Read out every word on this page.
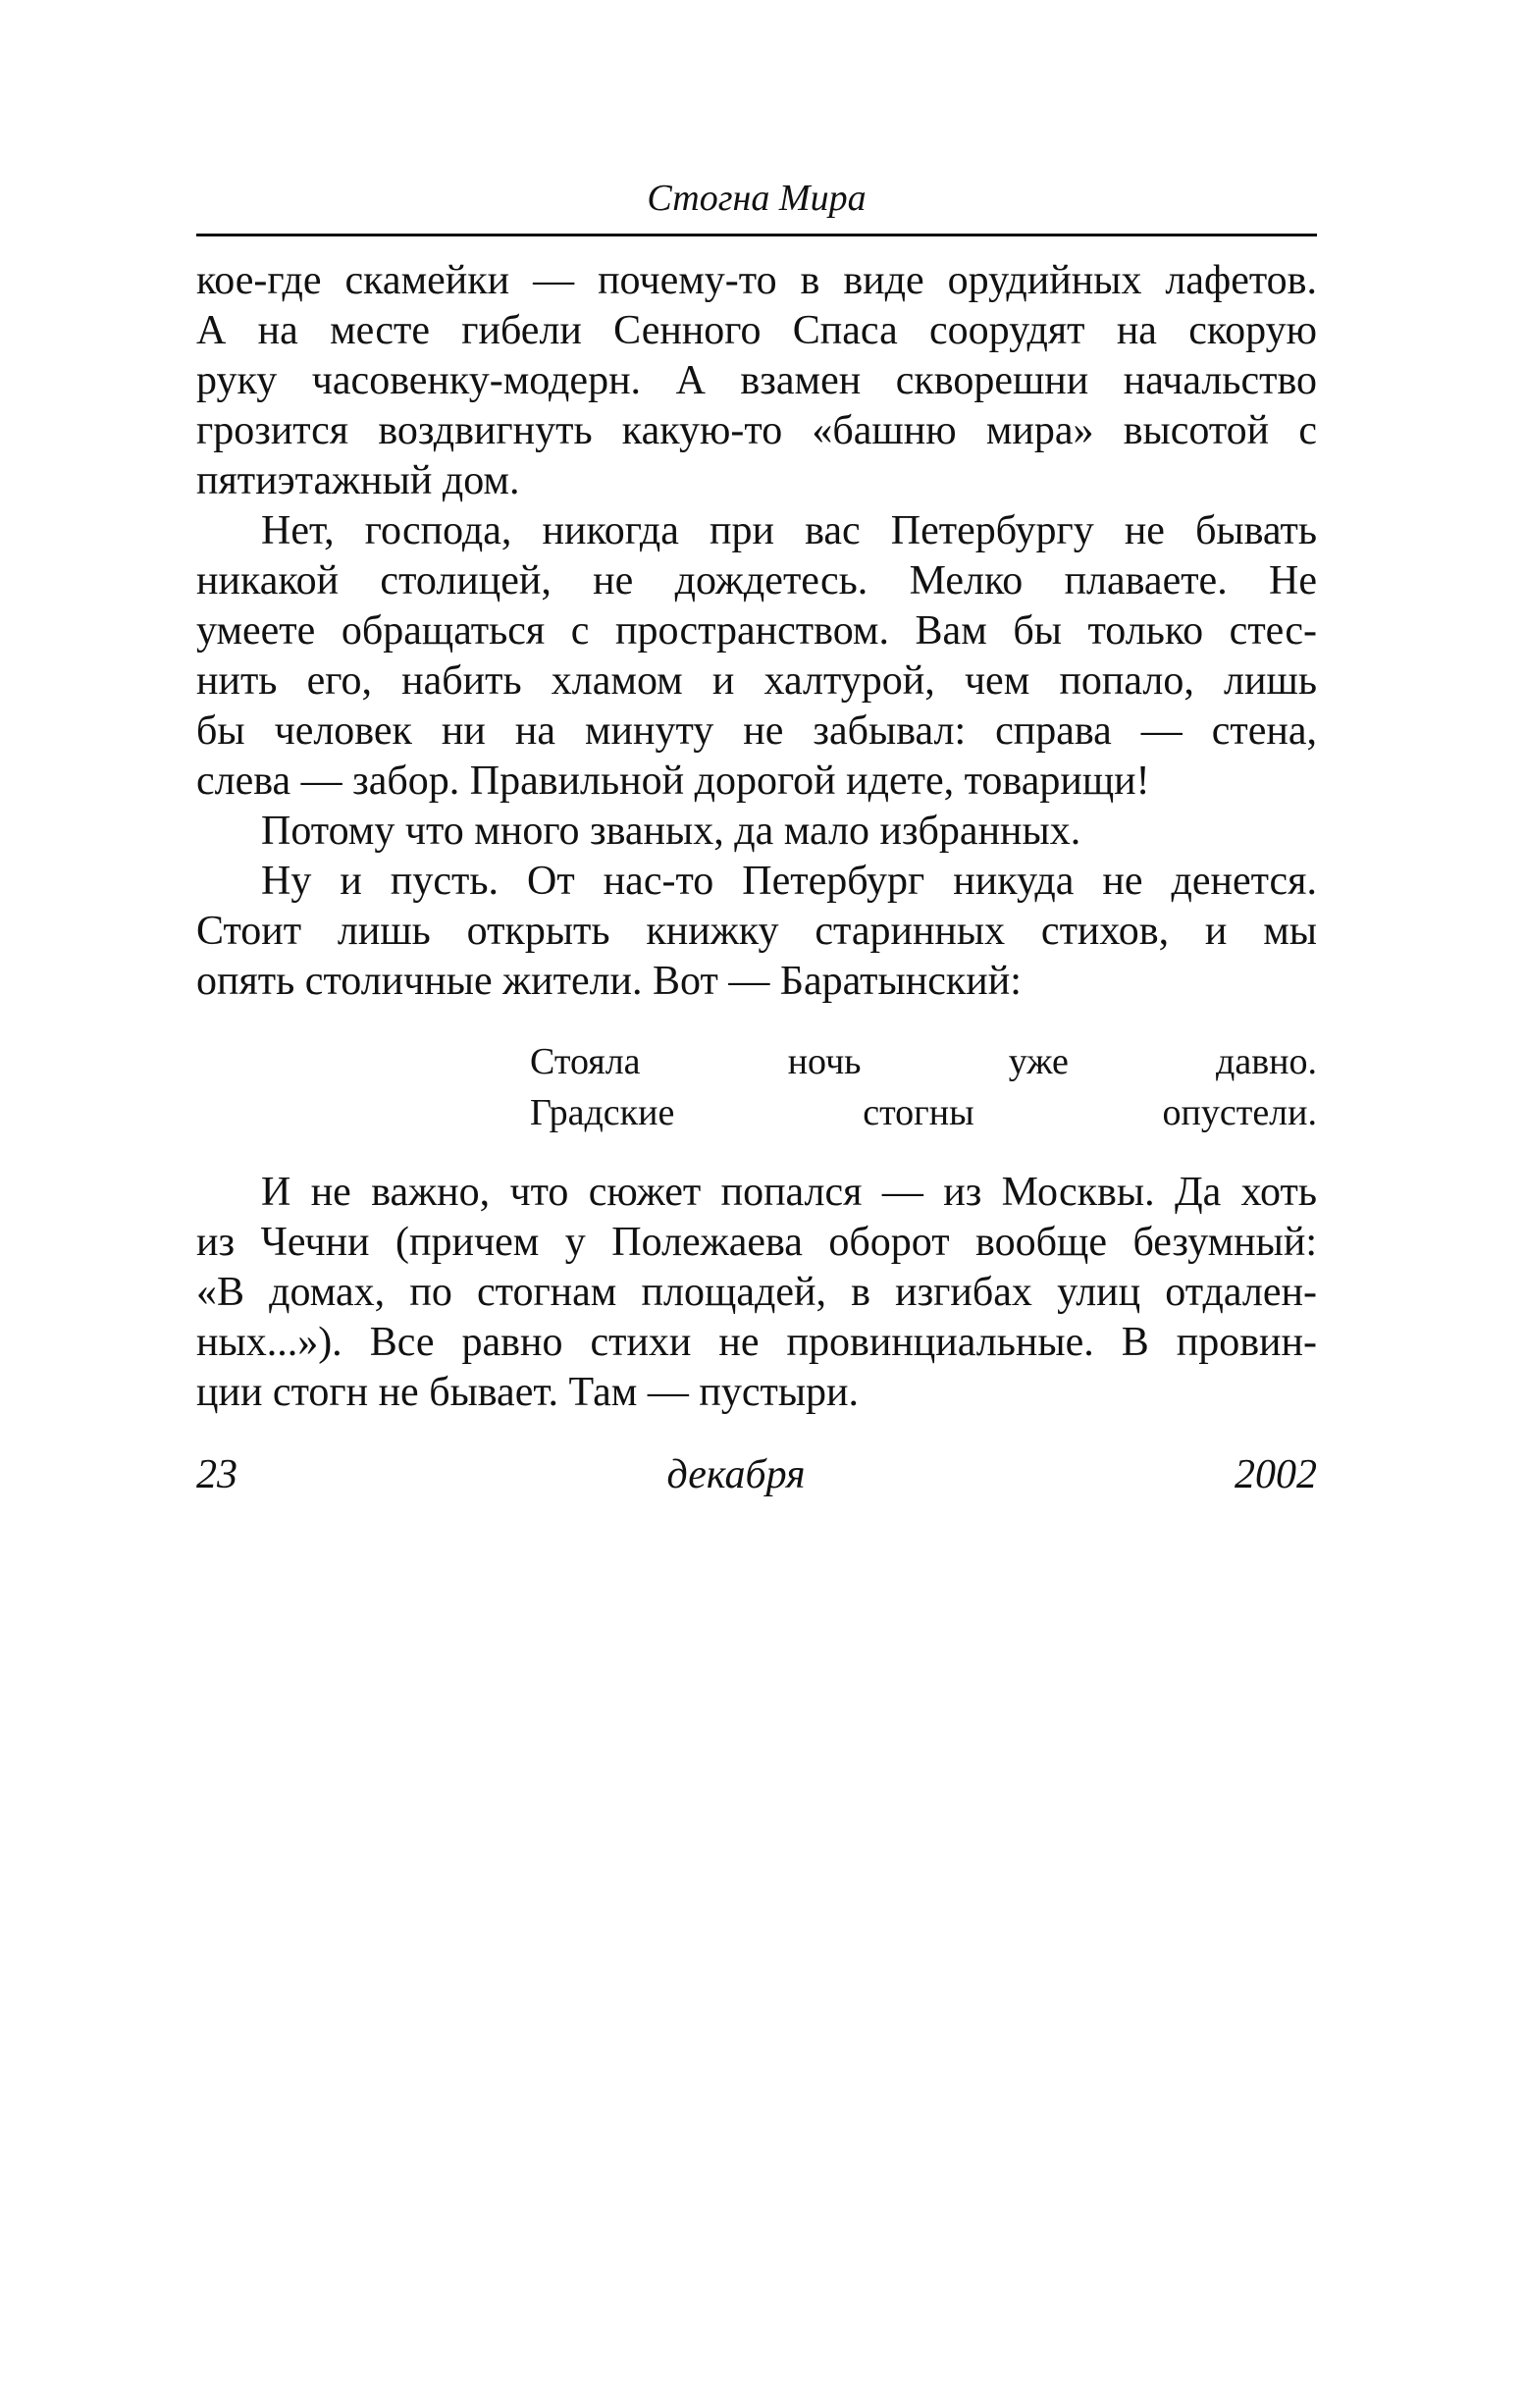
Стогна Мира
кое-где скамейки — почему-то в виде орудийных лафетов.
А на месте гибели Сенного Спаса соорудят на скорую
руку часовенку-модерн. А взамен скворешни начальство
грозится воздвигнуть какую-то «башню мира» высотой с
пятиэтажный дом.
Нет, господа, никогда при вас Петербургу не бывать
никакой столицей, не дождетесь. Мелко плаваете. Не
умеете обращаться с пространством. Вам бы только стес-
нить его, набить хламом и халтурой, чем попало, лишь
бы человек ни на минуту не забывал: справа — стена,
слева — забор. Правильной дорогой идете, товарищи!
Потому что много званых, да мало избранных.
Ну и пусть. От нас-то Петербург никуда не денется.
Стоит лишь открыть книжку старинных стихов, и мы
опять столичные жители. Вот — Баратынский:
Стояла ночь уже давно.
Градские стогны опустели.
И не важно, что сюжет попался — из Москвы. Да хоть
из Чечни (причем у Полежаева оборот вообще безумный:
«В домах, по стогнам площадей, в изгибах улиц отдален-
ных...»). Все равно стихи не провинциальные. В провин-
ции стогн не бывает. Там — пустыри.
23 декабря 2002
